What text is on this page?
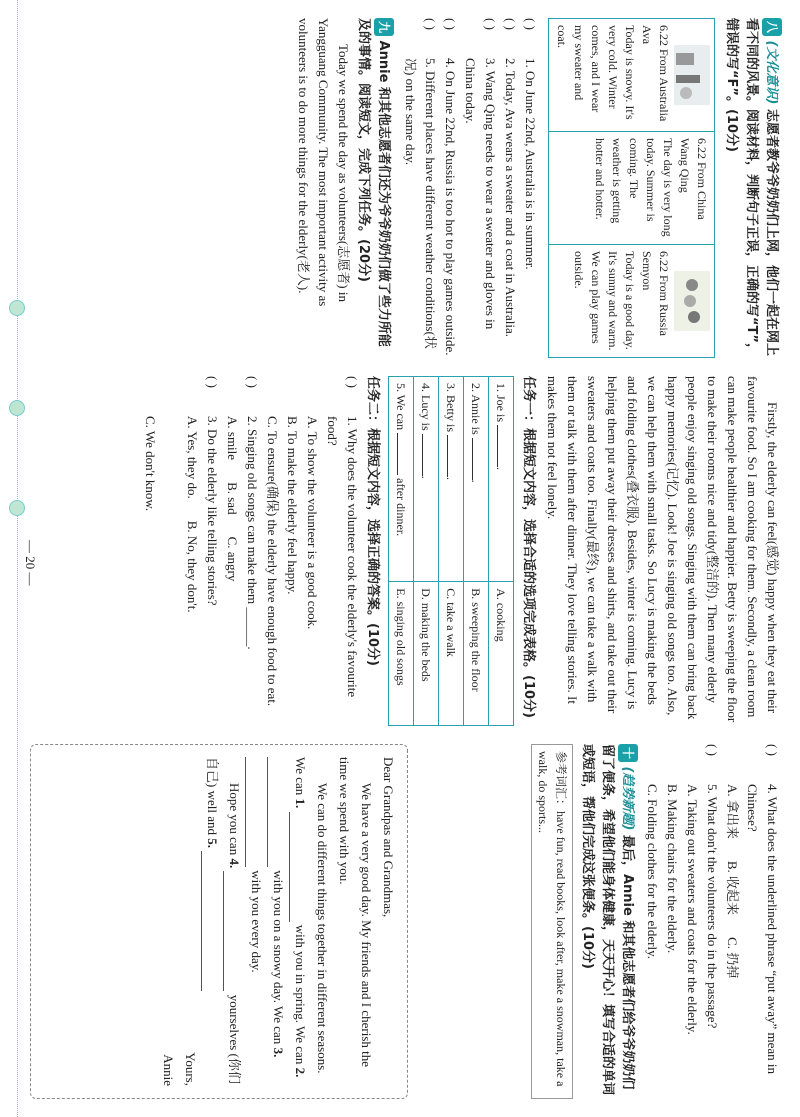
八 (文化意识) 志愿者教爷爷奶奶们上网，他们一起在网上看不同的风景。阅读材料，判断句子正误，正确的写“T”，错误的写“F”。(10分)

6.22 From Australia Ava
Today is snowy. It's very cold. Winter comes, and I wear my sweater and coat.
6.22 From China Wang Qing
The day is very long today. Summer is coming. The weather is getting hotter and hotter.
6.22 From Russia Semyon
Today is a good day. It's sunny and warm. We can play games outside.
( )
1. On June 22nd, Australia is in summer.
( )
2. Today, Ava wears a sweater and a coat in Australia.
( )
3. Wang Qing needs to wear a sweater and gloves in China today.
( )
4. On June 22nd, Russia is too hot to play games outside.
( )
5. Different places have different weather conditions(状况) on the same day.

九 Annie 和其他志愿者们还为爷爷奶奶们做了些力所能及的事情。阅读短文，完成下列任务。(20分)

Today we spend the day as volunteers(志愿者) in Yangguang Community. The most important activity as volunteers is to do more things for the elderly(老人).

Firstly, the elderly can feel(感觉) happy when they eat their favourite food. So I am cooking for them. Secondly, a clean room can make people healthier and happier. Betty is sweeping the floor to make their rooms nice and tidy(整洁的). Then many elderly people enjoy singing old songs. Singing with them can bring back happy memories(记忆). Look! Joe is singing old songs too. Also, we can help them with small tasks. So Lucy is making the beds and folding clothes(叠衣服). Besides, winter is coming. Lucy is helping them put away their dresses and shirts, and take out their sweaters and coats too. Finally(最终), we can take a walk with them or talk with them after dinner. They love telling stories. It makes them not feel lonely.

任务一：根据短文内容，选择合适的选项完成表格。(10分)

1. Joe is .	A. cooking
2. Annie is .	B. sweeping the floor
3. Betty is .	C. take a walk
4. Lucy is .	D. making the beds
5. We can  after dinner.	E. singing old songs

任务二：根据短文内容，选择正确的答案。(10分)

( )
1. Why does the volunteer cook the elderly's favourite food?
A. To show the volunteer is a good cook.
B. To make the elderly feel happy.
C. To ensure(确保) the elderly have enough food to eat.
( )
2. Singing old songs can make them ______.
A. smile
B. sad
C. angry
( )
3. Do the elderly like telling stories?
A. Yes, they do.
B. No, they don't.
C. We don't know.
( )
4. What does the underlined phrase “put away” mean in Chinese?
A. 拿出来
B. 收起来
C. 扔掉
( )
5. What don't the volunteers do in the passage?
A. Taking out sweaters and coats for the elderly.
B. Making chairs for the elderly.
C. Folding clothes for the elderly.

十 (趋势新题) 最后，Annie 和其他志愿者们给爷爷奶奶们留了便条，希望他们能身体健康，天天开心！填写合适的单词或短语，帮他们完成这张便条。(10分)

参考词汇：have fun, read books, look after, make a snowman, take a walk, do sports...
Dear Grandpas and Grandmas,
We have a very good day. My friends and I cherish the time we spend with you.
We can do different things together in different seasons. We can 1.  with you in spring. We can 2.  with you on a snowy day. We can 3.  with you every day.
Hope you can 4.  yourselves (你们自己) well and 5.
Yours,
Annie
— 20 —
